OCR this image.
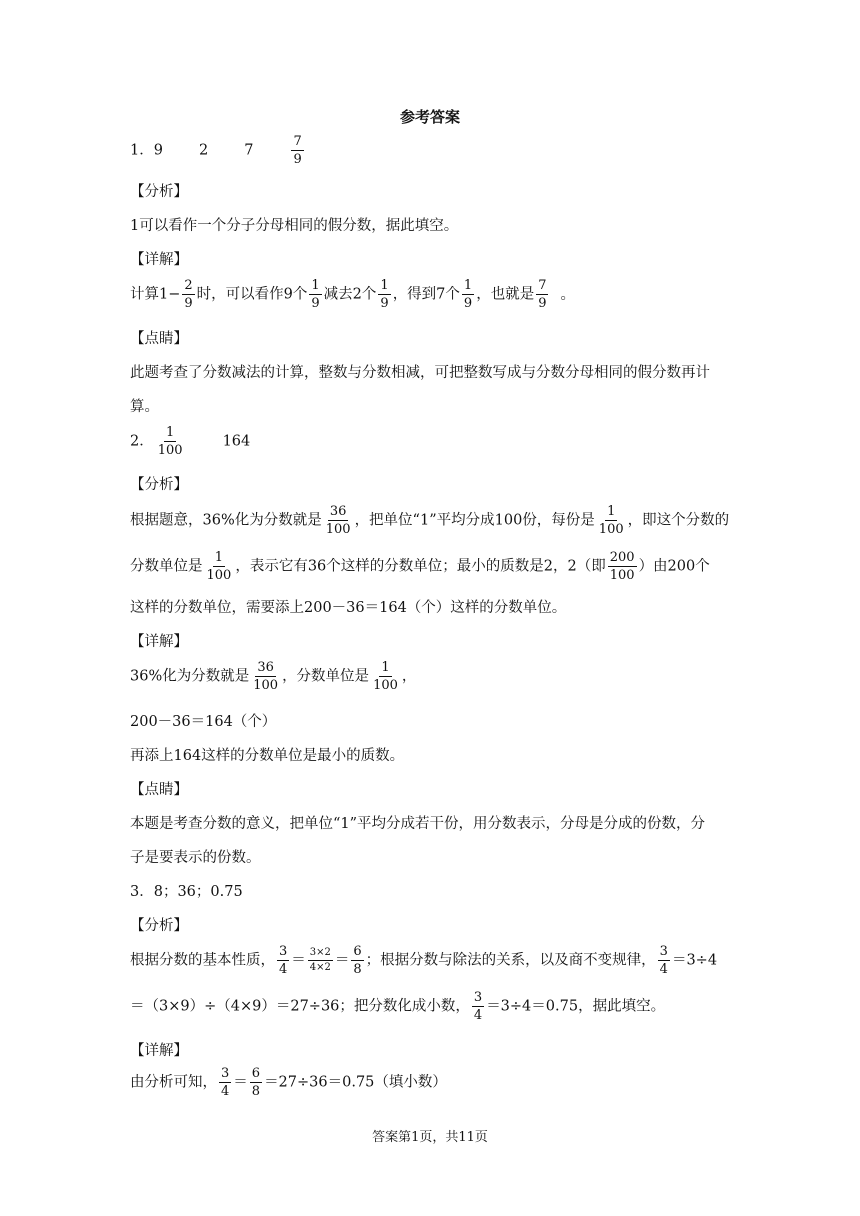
参考答案
1．9 2 7	$\frac{7}{9}$
【分析】
1可以看作一个分子分母相同的假分数，据此填空。
【详解】
计算$1- \frac{2}{9}$ 时，可以看作9个 $\frac{1}{9}$ 减去2个 $\frac{1}{9}$ ，得到7个 $\frac{1}{9}$ ，也就是 $\frac{7}{9}$ 。
【点睛】
此题考查了分数减法的计算，整数与分数相减，可把整数写成与分数分母相同的假分数再计
算。
2． $\frac{1}{100}$	164
【分析】
根据题意，36%化为分数就是 $\frac{36}{100}$ ，把单位“1”平均分成100份，每份是 $\frac{1}{100}$ ，即这个分数的
分数单位是 $\frac{1}{100}$ ，表示它有36个这样的分数单位；最小的质数是2，2（即 $\frac{200}{100}$ ）由200个
这样的分数单位，需要添上200－36＝164（个）这样的分数单位。
【详解】
36%化为分数就是 $\frac{36}{100}$ ，分数单位是 $\frac{1}{100}$ ，
200－36＝164（个）
再添上164这样的分数单位是最小的质数。
【点睛】
本题是考查分数的意义，把单位“1”平均分成若干份，用分数表示，分母是分成的份数，分
子是要表示的份数。
3．8；36；0.75
【分析】
根据分数的基本性质， $\frac{3}{4} = \frac{3\times 2}{4\times 2} = \frac{6}{8}$ ；根据分数与除法的关系，以及商不变规律， $\frac{3}{4} =3\div 4$
＝（3×9）÷（4×9）＝27÷36；把分数化成小数， $\frac{3}{4} =3\div 4=0.75$，据此填空。
【详解】
由分析可知， $\frac{3}{4} = \frac{6}{8} =27\div 36=0.75$（填小数）
答案第1页，共11页
